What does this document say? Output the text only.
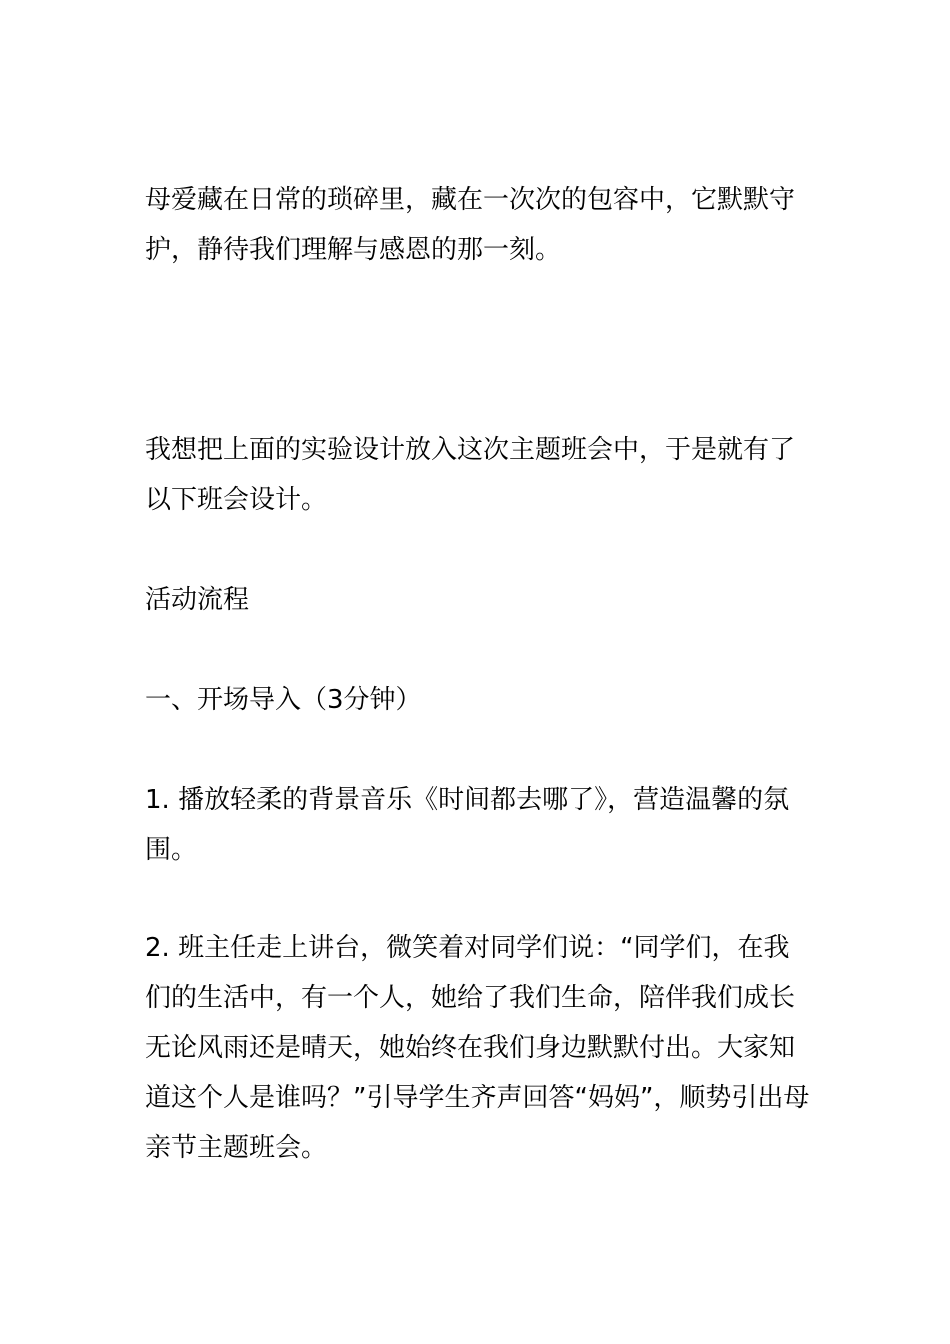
母爱藏在日常的琐碎里，藏在一次次的包容中，它默默守护，静待我们理解与感恩的那一刻。

我想把上面的实验设计放入这次主题班会中，于是就有了以下班会设计。

活动流程

一、开场导入（3分钟）

1. 播放轻柔的背景音乐《时间都去哪了》，营造温馨的氛围。

2. 班主任走上讲台，微笑着对同学们说：“同学们，在我们的生活中，有一个人，她给了我们生命，陪伴我们成长无论风雨还是晴天，她始终在我们身边默默付出。大家知道这个人是谁吗？”引导学生齐声回答“妈妈”，顺势引出母亲节主题班会。
